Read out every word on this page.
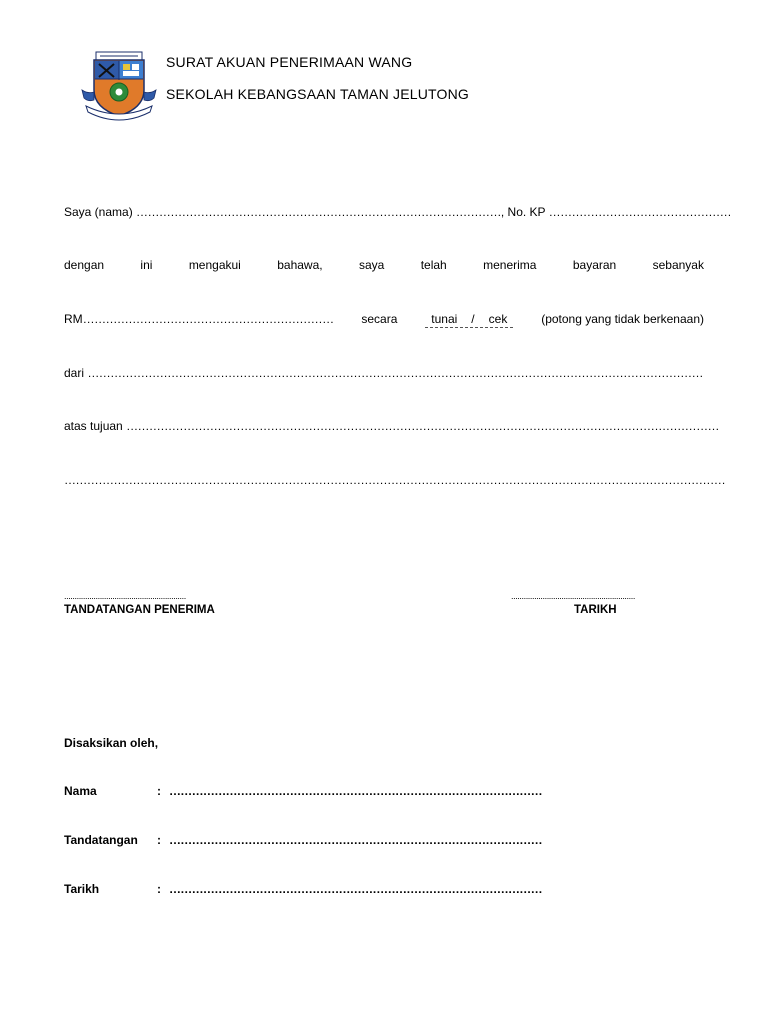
SURAT AKUAN PENERIMAAN WANG
SEKOLAH KEBANGSAAN TAMAN JELUTONG
Saya (nama) ……………………………………………………………………………………, No. KP …………………………………………
dengan	ini	mengakui	bahawa,	saya	telah	menerima	bayaran	sebanyak
RM………………………………………………………… secara	tunai / cek	(potong yang tidak berkenaan)
dari ………………………………………………………………………………………………………………………………………………
atas tujuan …………………………………………………………………………………………………………………………………………
…………………………………………………………………………………………………………………………………………………………
..........................................................
TANDATANGAN PENERIMA
...........................................................
TARIKH
Disaksikan oleh,
Nama	: ………………………………………………………………………………………
Tandatangan : ………………………………………………………………………………………
Tarikh	: ………………………………………………………………………………………
